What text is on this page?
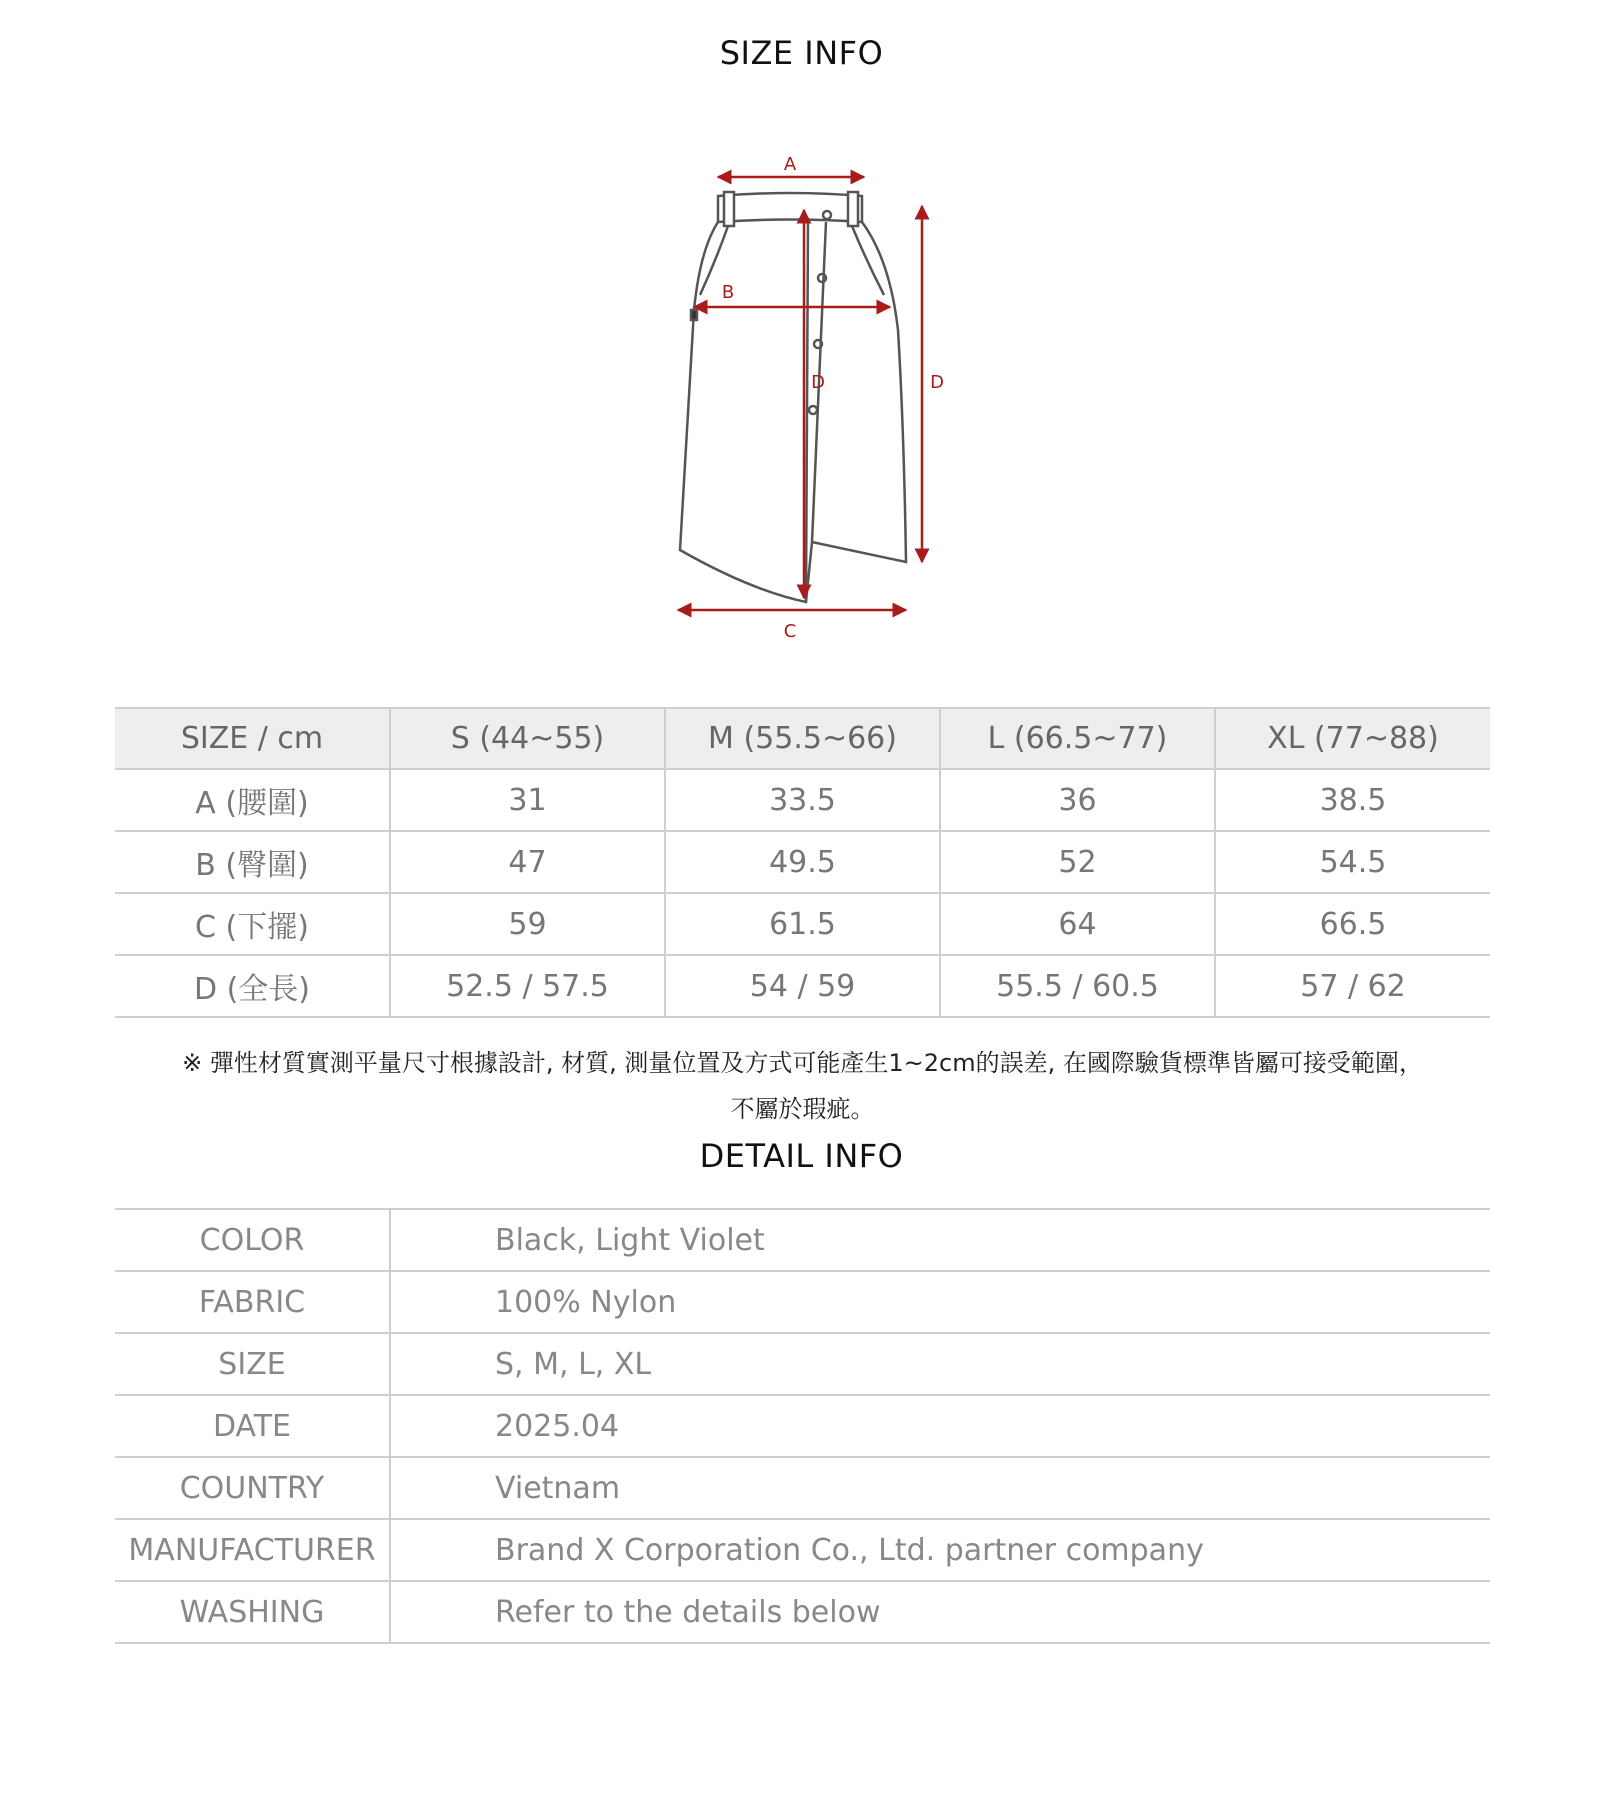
SIZE INFO
A
B
C
D	D
SIZE / cm	S (44~55)	M (55.5~66)	L (66.5~77)	XL (77~88)
A (腰圍)	31	33.5	36	38.5
B (臀圍)	47	49.5	52	54.5
C (下擺)	59	61.5	64	66.5
D (全長)	52.5 / 57.5	54 / 59	55.5 / 60.5	57 / 62
※ 彈性材質實測平量尺寸根據設計, 材質, 測量位置及方式可能產生1~2cm的誤差, 在國際驗貨標準皆屬可接受範圍，
不屬於瑕疵。
DETAIL INFO
COLOR	Black, Light Violet
FABRIC	100% Nylon
SIZE	S, M, L, XL
DATE	2025.04
COUNTRY	Vietnam
MANUFACTURER	Brand X Corporation Co., Ltd. partner company
WASHING	Refer to the details below
